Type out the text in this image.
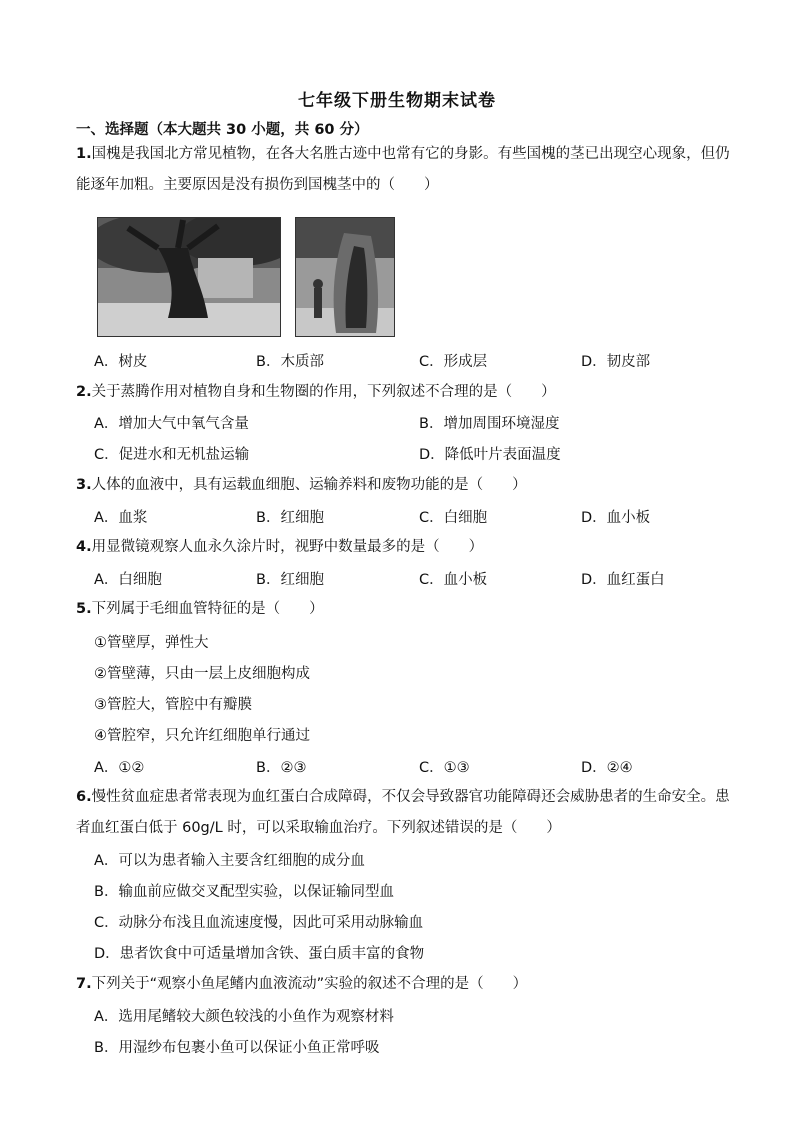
七年级下册生物期末试卷
一、选择题（本大题共 30 小题，共 60 分）
1.国槐是我国北方常见植物，在各大名胜古迹中也常有它的身影。有些国槐的茎已出现空心现象，但仍
能逐年加粗。主要原因是没有损伤到国槐茎中的（　　）
A．树皮	B．木质部	C．形成层	D．韧皮部
2.关于蒸腾作用对植物自身和生物圈的作用，下列叙述不合理的是（　　）
A．增加大气中氧气含量	B．增加周围环境湿度
C．促进水和无机盐运输	D．降低叶片表面温度
3.人体的血液中，具有运载血细胞、运输养料和废物功能的是（　　）
A．血浆	B．红细胞	C．白细胞	D．血小板
4.用显微镜观察人血永久涂片时，视野中数量最多的是（　　）
A．白细胞	B．红细胞	C．血小板	D．血红蛋白
5.下列属于毛细血管特征的是（　　）
①管壁厚，弹性大
②管壁薄，只由一层上皮细胞构成
③管腔大，管腔中有瓣膜
④管腔窄，只允许红细胞单行通过
A．①②	B．②③	C．①③	D．②④
6.慢性贫血症患者常表现为血红蛋白合成障碍，不仅会导致器官功能障碍还会威胁患者的生命安全。患
者血红蛋白低于 60g/L 时，可以采取输血治疗。下列叙述错误的是（　　）
A．可以为患者输入主要含红细胞的成分血
B．输血前应做交叉配型实验，以保证输同型血
C．动脉分布浅且血流速度慢，因此可采用动脉输血
D．患者饮食中可适量增加含铁、蛋白质丰富的食物
7.下列关于“观察小鱼尾鳍内血液流动”实验的叙述不合理的是（　　）
A．选用尾鳍较大颜色较浅的小鱼作为观察材料
B．用湿纱布包裹小鱼可以保证小鱼正常呼吸
